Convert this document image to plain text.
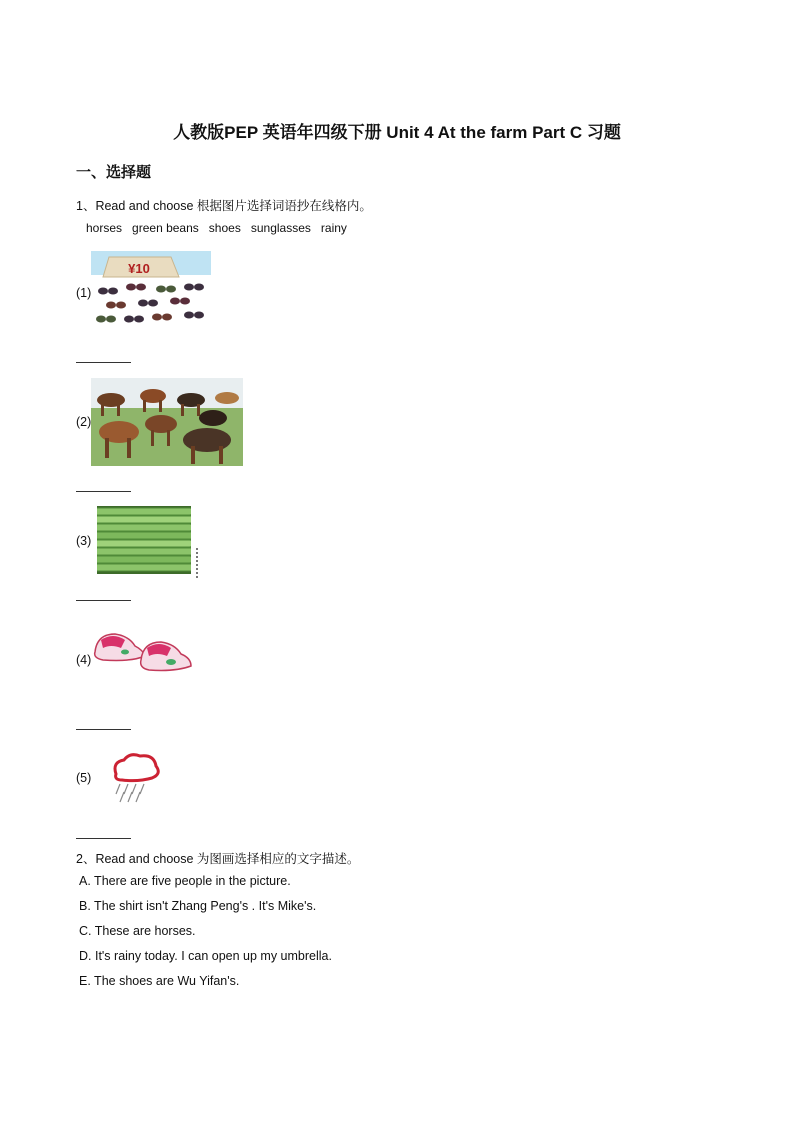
人教版PEP 英语年四级下册 Unit 4 At the farm Part C 习题
一、选择题
1、Read and choose 根据图片选择词语抄在线格内。
horses green beans shoes sunglasses rainy
(1)
¥10
(2)
(3)
(4)
(5)
2、Read and choose 为图画选择相应的文字描述。
A. There are five people in the picture.
B. The shirt isn't Zhang Peng's . It's Mike's.
C. These are horses.
D. It's rainy today. I can open up my umbrella.
E. The shoes are Wu Yifan's.
